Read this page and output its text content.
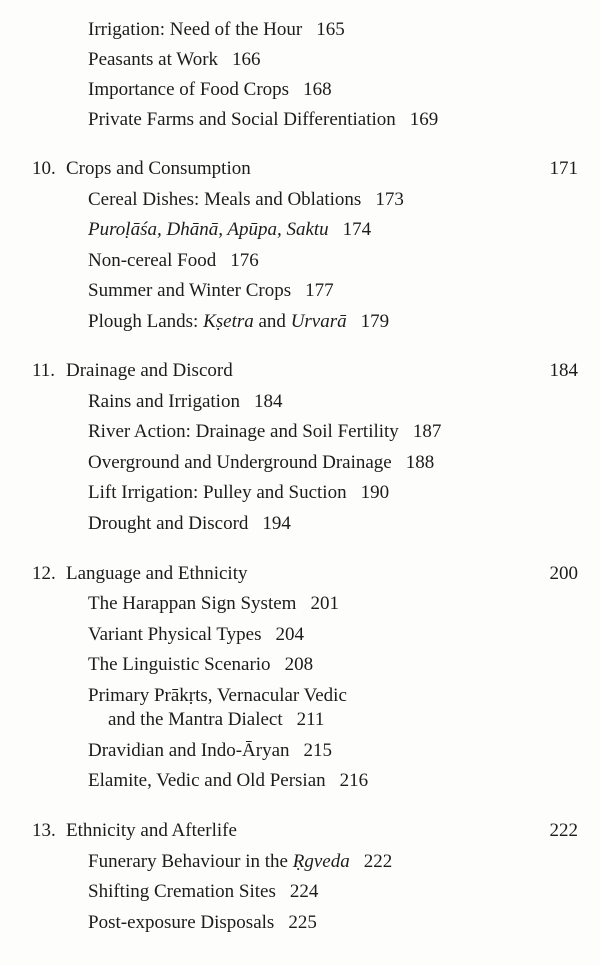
Irrigation: Need of the Hour 165
Peasants at Work 166
Importance of Food Crops 168
Private Farms and Social Differentiation 169
10. Crops and Consumption	171
Cereal Dishes: Meals and Oblations 173
Puroḷāśa, Dhānā, Apūpa, Saktu 174
Non-cereal Food 176
Summer and Winter Crops 177
Plough Lands: Kṣetra and Urvarā 179
11. Drainage and Discord	184
Rains and Irrigation 184
River Action: Drainage and Soil Fertility 187
Overground and Underground Drainage 188
Lift Irrigation: Pulley and Suction 190
Drought and Discord 194
12. Language and Ethnicity	200
The Harappan Sign System 201
Variant Physical Types 204
The Linguistic Scenario 208
Primary Prākṛts, Vernacular Vedic
and the Mantra Dialect 211
Dravidian and Indo-Āryan 215
Elamite, Vedic and Old Persian 216
13. Ethnicity and Afterlife	222
Funerary Behaviour in the Ṛgveda 222
Shifting Cremation Sites 224
Post-exposure Disposals 225
